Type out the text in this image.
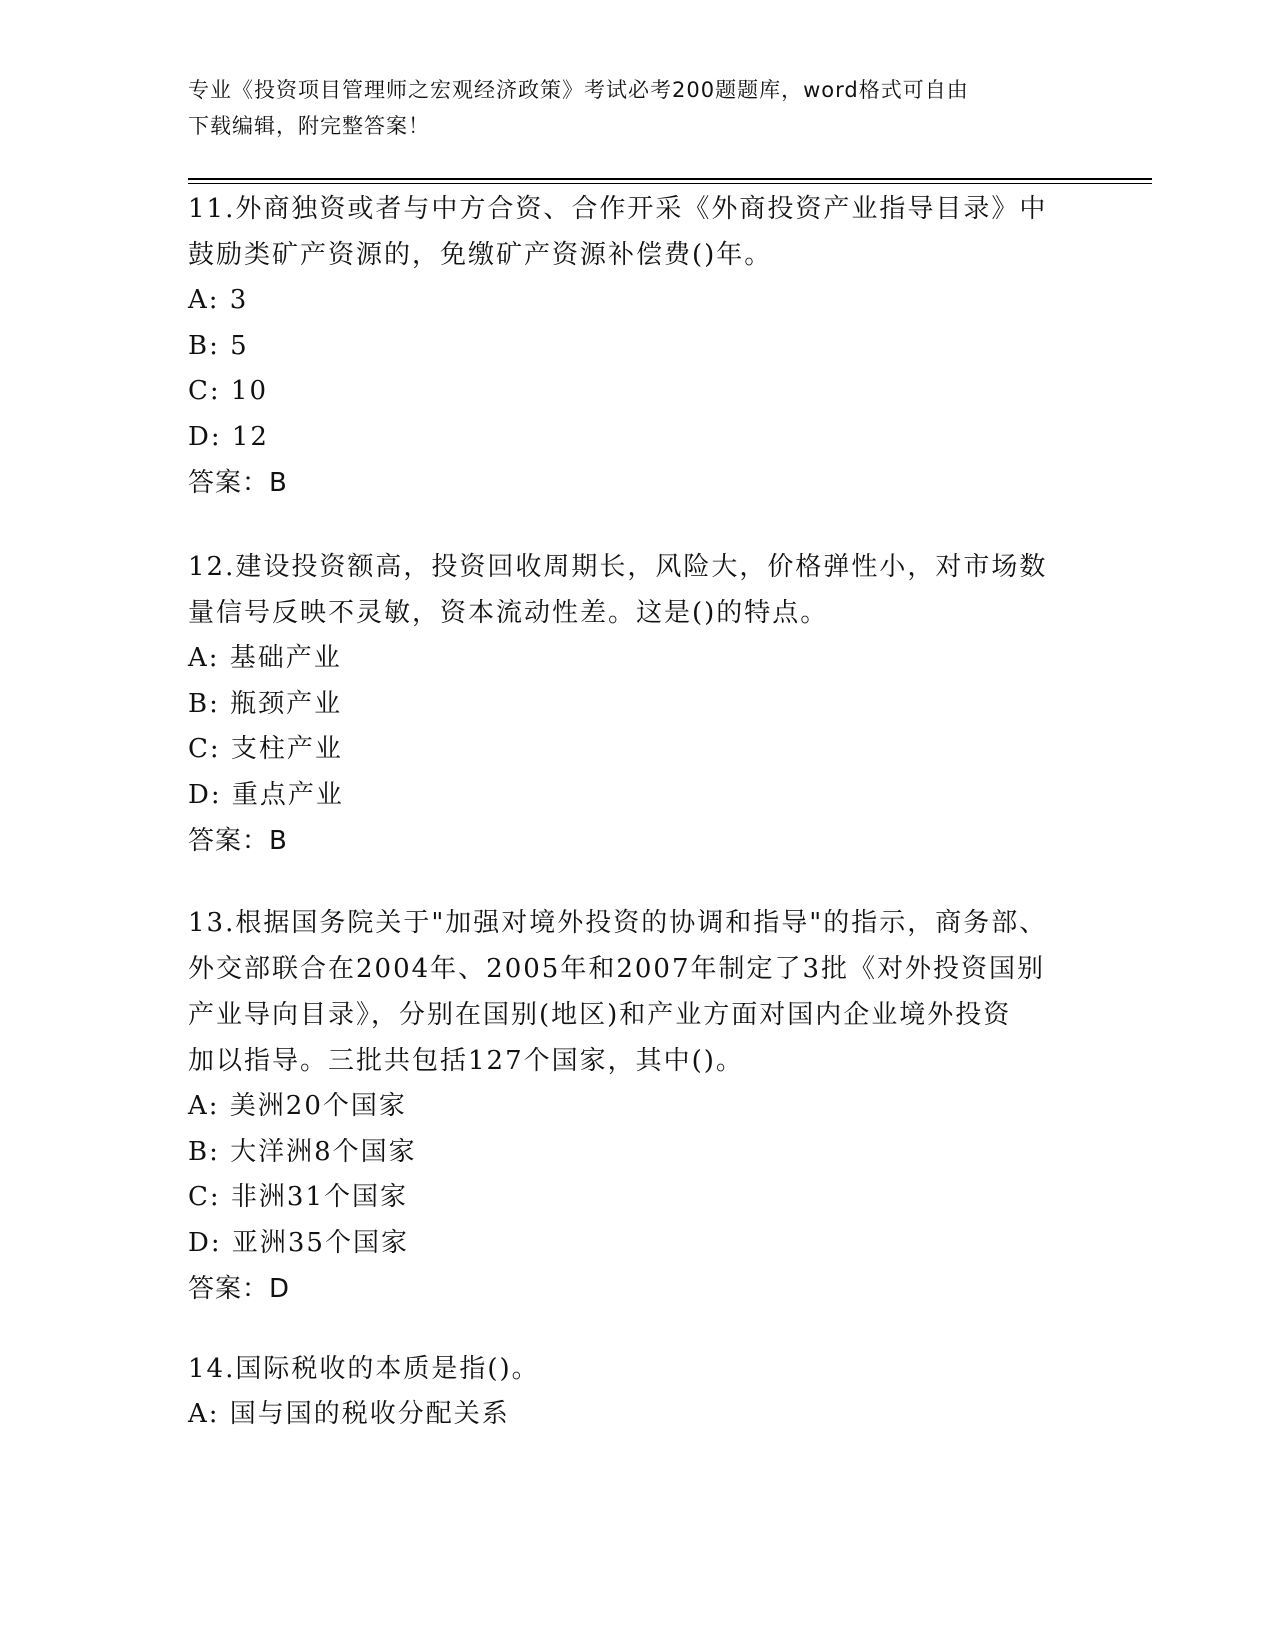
专业《投资项目管理师之宏观经济政策》考试必考200题题库，word格式可自由
下载编辑，附完整答案！
11.外商独资或者与中方合资、合作开采《外商投资产业指导目录》中
鼓励类矿产资源的，免缴矿产资源补偿费()年。
A: 3
B: 5
C: 10
D: 12
答案：B
12.建设投资额高，投资回收周期长，风险大，价格弹性小，对市场数
量信号反映不灵敏，资本流动性差。这是()的特点。
A: 基础产业
B: 瓶颈产业
C: 支柱产业
D: 重点产业
答案：B
13.根据国务院关于"加强对境外投资的协调和指导"的指示，商务部、
外交部联合在2004年、2005年和2007年制定了3批《对外投资国别
产业导向目录》，分别在国别(地区)和产业方面对国内企业境外投资
加以指导。三批共包括127个国家，其中()。
A: 美洲20个国家
B: 大洋洲8个国家
C: 非洲31个国家
D: 亚洲35个国家
答案：D
14.国际税收的本质是指()。
A: 国与国的税收分配关系
